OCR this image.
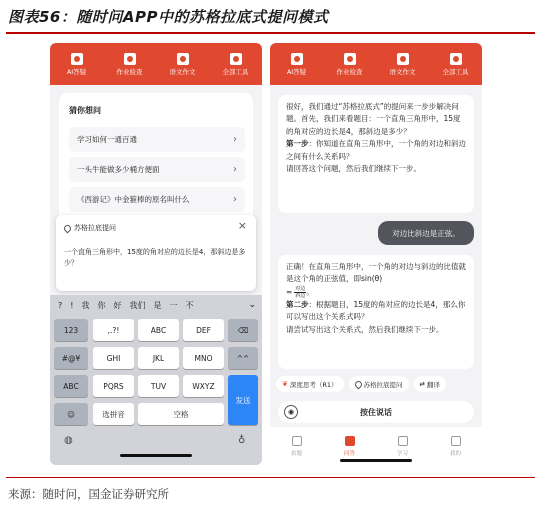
图表56：随时问APP中的苏格拉底式提问模式
AI答疑	作业检查	语文作文	全部工具
猜你想问
学习如何一通百通	›
一头牛能做多少桶方便面	›
《西游记》中金箍棒的原名叫什么	›
苏格拉底提问	×
一个直角三角形中，15度的角对应的边长是4，那斜边是多少？
? ! 我 你 好 我们 是 一 不	⌄
123	,.?!	ABC	DEF	⌫
#@¥	GHI	JKL	MNO	^^
ABC	PQRS	TUV	WXYZ
发送
☺	选拼音	空格
◍	♁
AI答疑	作业检查	语文作文	全部工具

很好，我们通过“苏格拉底式”的提问来一步步解决问题。首先，我们来看题目：一个直角三角形中，15度的角对应的边长是4，那斜边是多少？
第一步：你知道在直角三角形中，一个角的对边和斜边之间有什么关系吗？
请回答这个问题，然后我们继续下一步。

对边比斜边是正弦。

正确！在直角三角形中，一个角的对边与斜边的比值就是这个角的正弦值，即sin(θ)
= $\frac{\text{对边}}{\text{斜边}}$ 。
第二步：根据题目，15度的角对应的边长是4，那么你可以写出这个关系式吗？
请尝试写出这个关系式，然后我们继续下一步。

❦ 深度思考（R1）	苏格拉底提问	⇄ 翻译
◉	按住说话
拍题	问答	学习	我的
来源：随时问，国金证券研究所
